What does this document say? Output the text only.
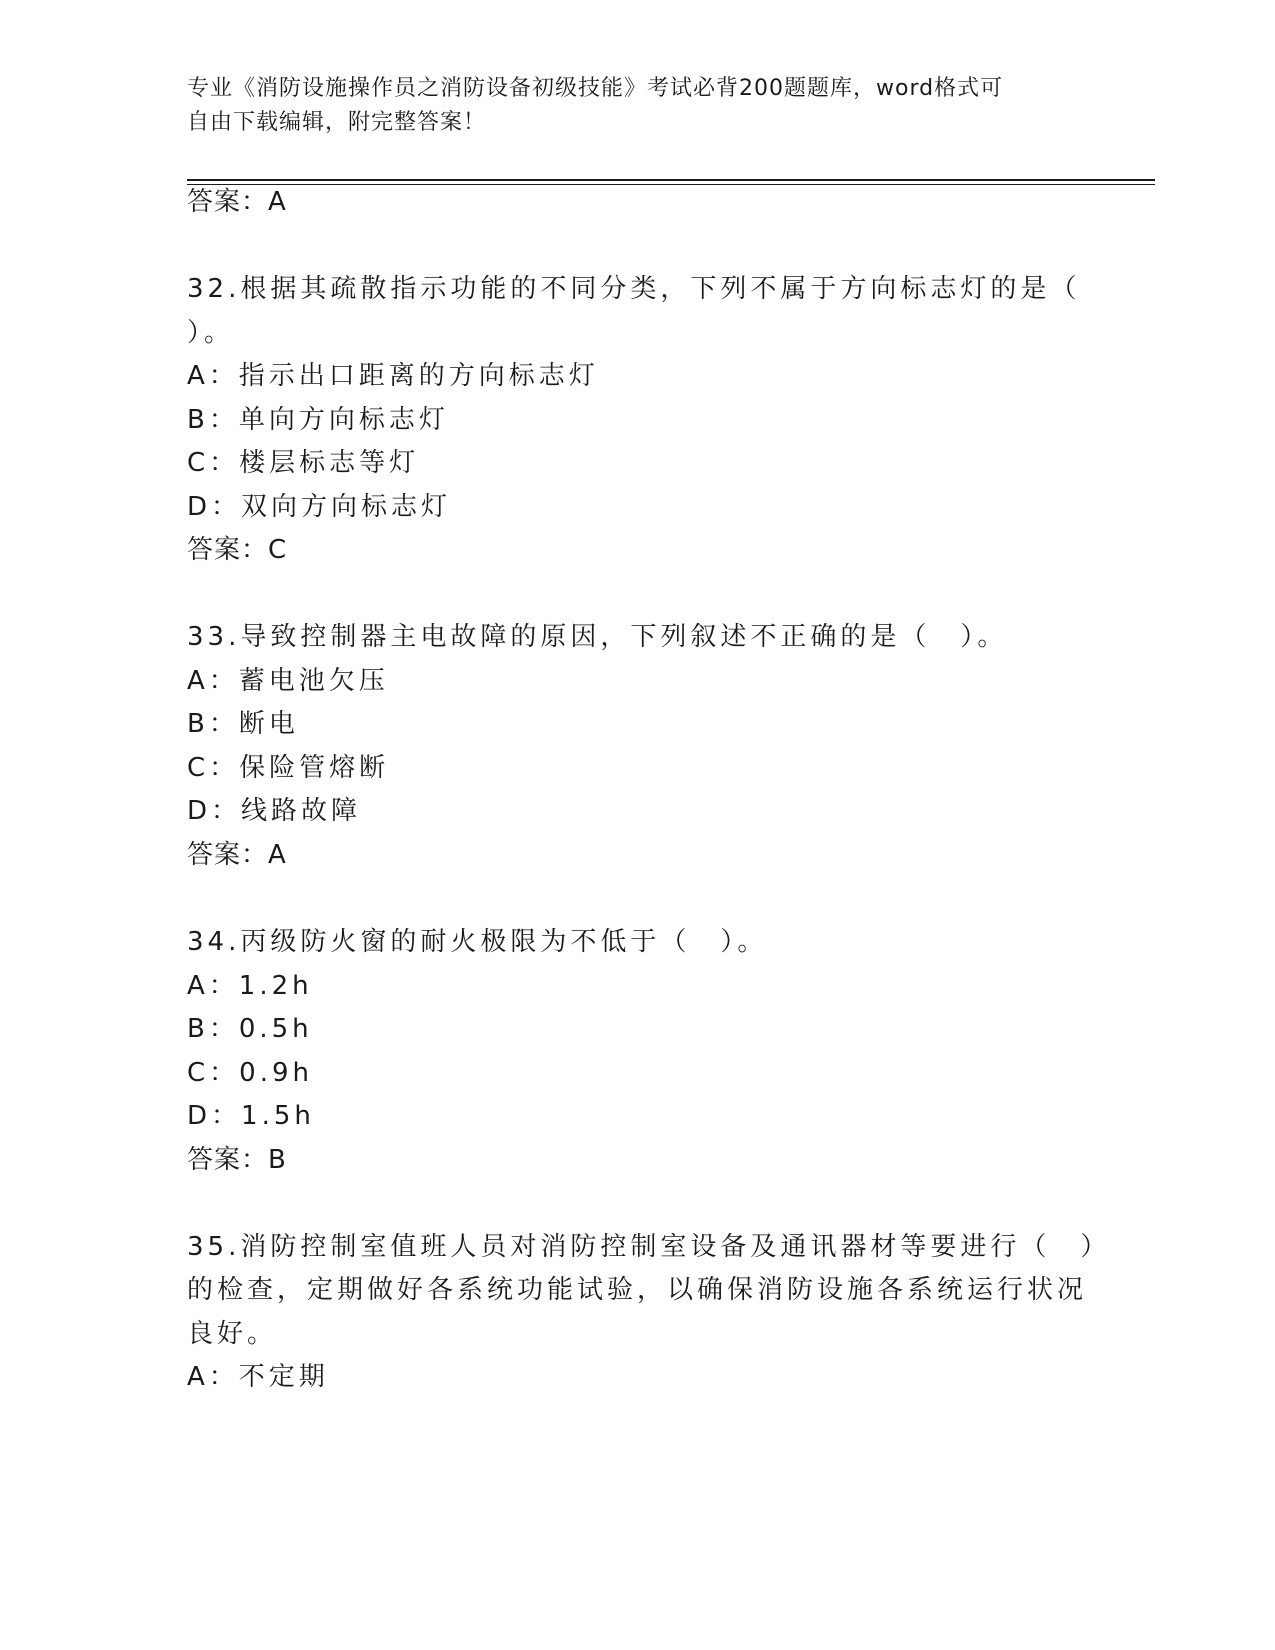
专业《消防设施操作员之消防设备初级技能》考试必背200题题库，word格式可
自由下载编辑，附完整答案！
答案：A
32.根据其疏散指示功能的不同分类，下列不属于方向标志灯的是（
）。
A：指示出口距离的方向标志灯
B：单向方向标志灯
C：楼层标志等灯
D：双向方向标志灯
答案：C
33.导致控制器主电故障的原因，下列叙述不正确的是（　）。
A：蓄电池欠压
B：断电
C：保险管熔断
D：线路故障
答案：A
34.丙级防火窗的耐火极限为不低于（　）。
A：1.2h
B：0.5h
C：0.9h
D：1.5h
答案：B
35.消防控制室值班人员对消防控制室设备及通讯器材等要进行（　）
的检查，定期做好各系统功能试验，以确保消防设施各系统运行状况
良好。
A：不定期
